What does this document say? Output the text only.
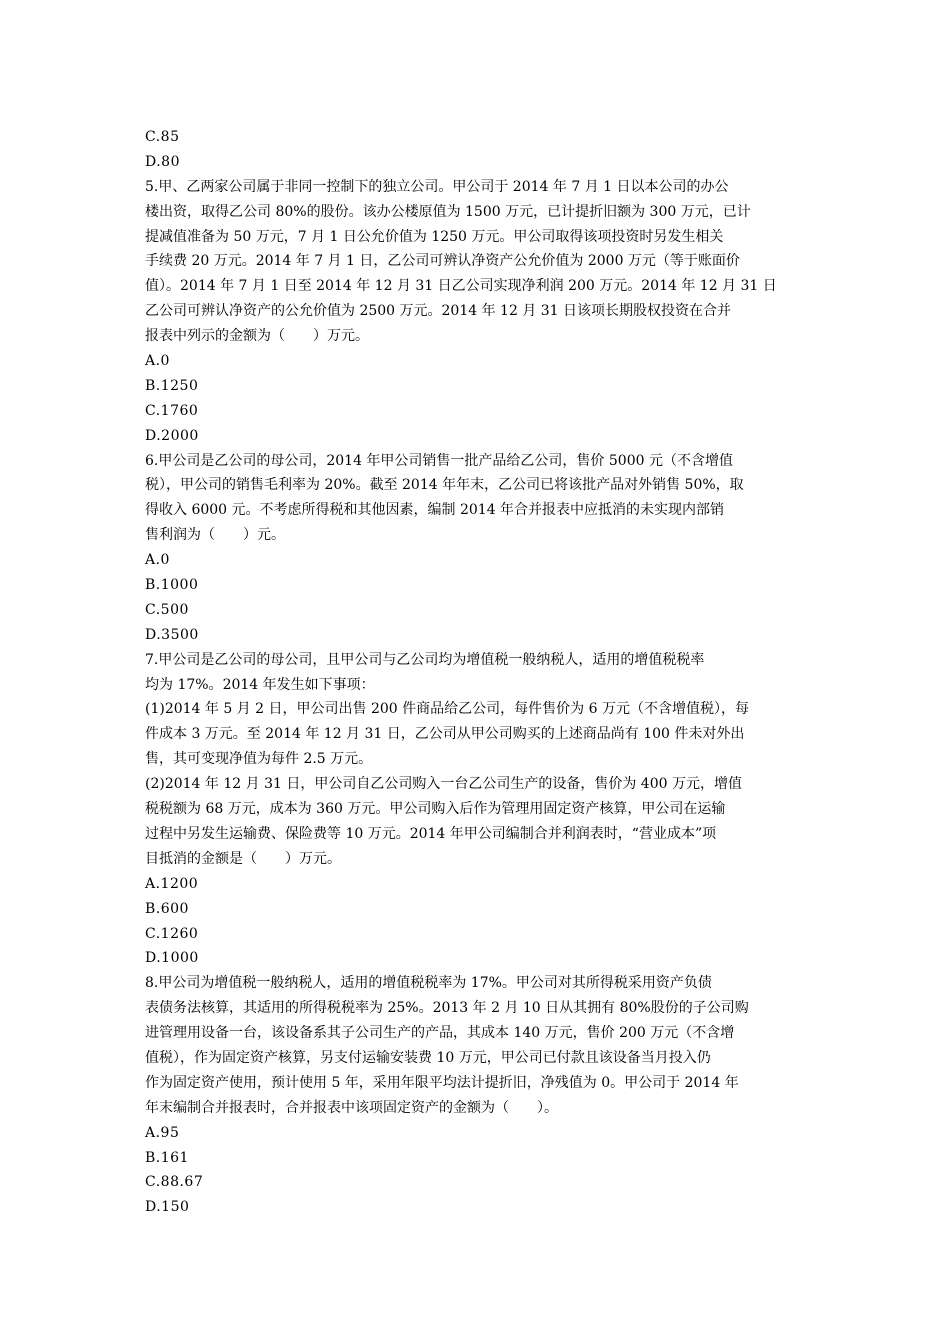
C.85
D.80
5.甲、乙两家公司属于非同一控制下的独立公司。甲公司于 2014 年 7 月 1 日以本公司的办公
楼出资，取得乙公司 80%的股份。该办公楼原值为 1500 万元，已计提折旧额为 300 万元，已计
提减值准备为 50 万元，7 月 1 日公允价值为 1250 万元。甲公司取得该项投资时另发生相关
手续费 20 万元。2014 年 7 月 1 日，乙公司可辨认净资产公允价值为 2000 万元（等于账面价
值）。2014 年 7 月 1 日至 2014 年 12 月 31 日乙公司实现净利润 200 万元。2014 年 12 月 31 日
乙公司可辨认净资产的公允价值为 2500 万元。2014 年 12 月 31 日该项长期股权投资在合并
报表中列示的金额为（　　）万元。
A.0
B.1250
C.1760
D.2000
6.甲公司是乙公司的母公司，2014 年甲公司销售一批产品给乙公司，售价 5000 元（不含增值
税），甲公司的销售毛利率为 20%。截至 2014 年年末，乙公司已将该批产品对外销售 50%，取
得收入 6000 元。不考虑所得税和其他因素，编制 2014 年合并报表中应抵消的未实现内部销
售利润为（　　）元。
A.0
B.1000
C.500
D.3500
7.甲公司是乙公司的母公司，且甲公司与乙公司均为增值税一般纳税人，适用的增值税税率
均为 17%。2014 年发生如下事项：
(1)2014 年 5 月 2 日，甲公司出售 200 件商品给乙公司，每件售价为 6 万元（不含增值税），每
件成本 3 万元。至 2014 年 12 月 31 日，乙公司从甲公司购买的上述商品尚有 100 件未对外出
售，其可变现净值为每件 2.5 万元。
(2)2014 年 12 月 31 日，甲公司自乙公司购入一台乙公司生产的设备，售价为 400 万元，增值
税税额为 68 万元，成本为 360 万元。甲公司购入后作为管理用固定资产核算，甲公司在运输
过程中另发生运输费、保险费等 10 万元。2014 年甲公司编制合并利润表时，“营业成本”项
目抵消的金额是（　　）万元。
A.1200
B.600
C.1260
D.1000
8.甲公司为增值税一般纳税人，适用的增值税税率为 17%。甲公司对其所得税采用资产负债
表债务法核算，其适用的所得税税率为 25%。2013 年 2 月 10 日从其拥有 80%股份的子公司购
进管理用设备一台，该设备系其子公司生产的产品，其成本 140 万元，售价 200 万元（不含增
值税），作为固定资产核算，另支付运输安装费 10 万元，甲公司已付款且该设备当月投入仍
作为固定资产使用，预计使用 5 年，采用年限平均法计提折旧，净残值为 0。甲公司于 2014 年
年末编制合并报表时，合并报表中该项固定资产的金额为（　　）。
A.95
B.161
C.88.67
D.150
